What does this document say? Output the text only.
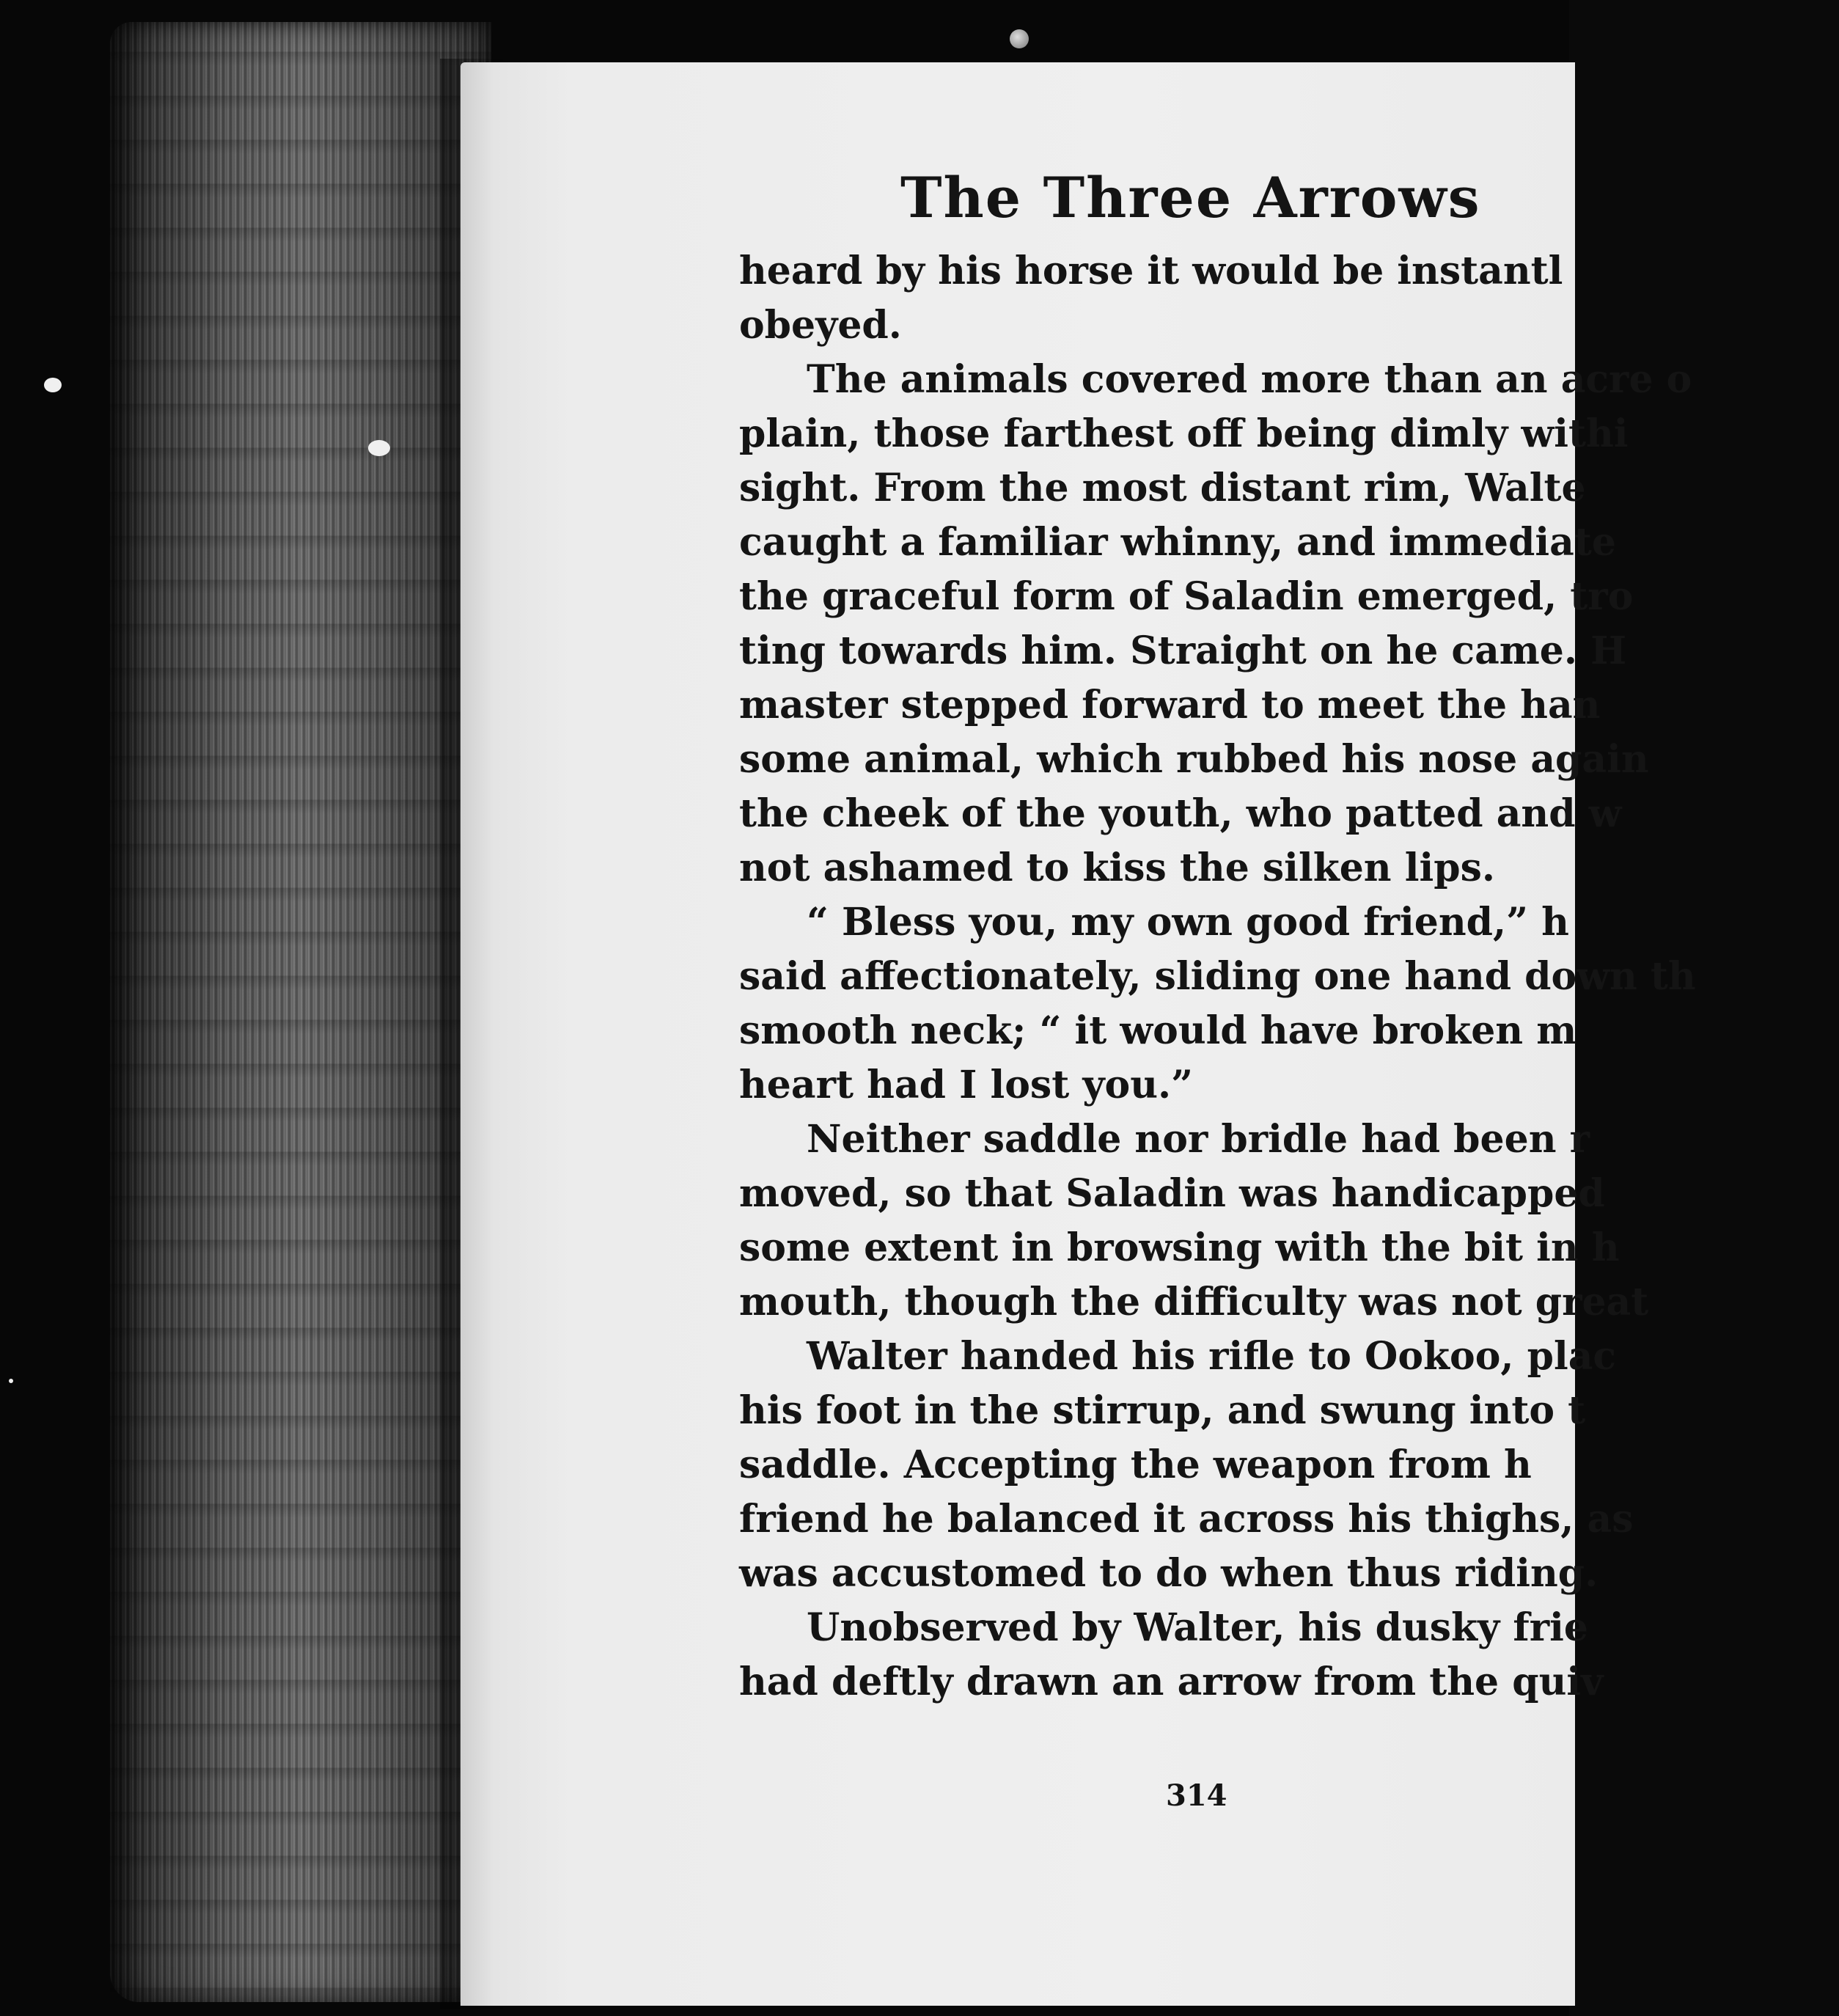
The Three Arrows
heard by his horse it would be instantl
obeyed.
The animals covered more than an acre o
plain, those farthest off being dimly withi
sight. From the most distant rim, Walte
caught a familiar whinny, and immediate
the graceful form of Saladin emerged, tro
ting towards him. Straight on he came. H
master stepped forward to meet the han
some animal, which rubbed his nose again
the cheek of the youth, who patted and w
not ashamed to kiss the silken lips.
“ Bless you, my own good friend,” h
said affectionately, sliding one hand down th
smooth neck; “ it would have broken m
heart had I lost you.”
Neither saddle nor bridle had been r
moved, so that Saladin was handicapped
some extent in browsing with the bit in h
mouth, though the difficulty was not great
Walter handed his rifle to Ookoo, plac
his foot in the stirrup, and swung into t
saddle. Accepting the weapon from h
friend he balanced it across his thighs, as
was accustomed to do when thus riding.
Unobserved by Walter, his dusky frie
had deftly drawn an arrow from the quiv

314
